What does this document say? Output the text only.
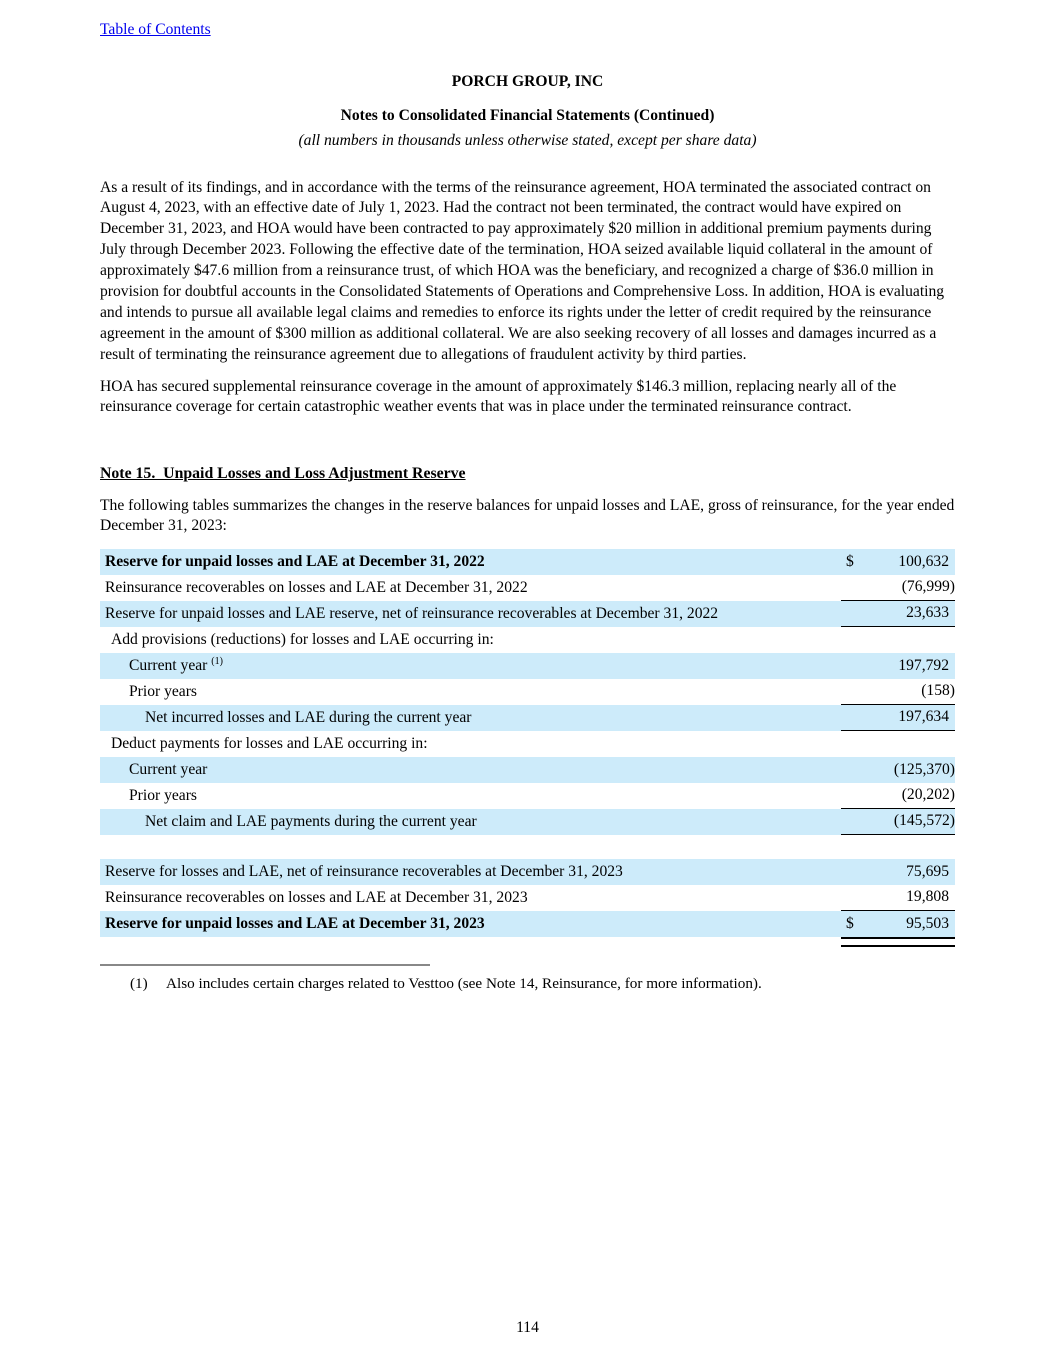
Table of Contents
PORCH GROUP, INC
Notes to Consolidated Financial Statements (Continued)
(all numbers in thousands unless otherwise stated, except per share data)

As a result of its findings, and in accordance with the terms of the reinsurance agreement, HOA terminated the associated contract on August 4, 2023, with an effective date of July 1, 2023. Had the contract not been terminated, the contract would have expired on December 31, 2023, and HOA would have been contracted to pay approximately $20 million in additional premium payments during July through December 2023. Following the effective date of the termination, HOA seized available liquid collateral in the amount of approximately $47.6 million from a reinsurance trust, of which HOA was the beneficiary, and recognized a charge of $36.0 million in provision for doubtful accounts in the Consolidated Statements of Operations and Comprehensive Loss. In addition, HOA is evaluating and intends to pursue all available legal claims and remedies to enforce its rights under the letter of credit required by the reinsurance agreement in the amount of $300 million as additional collateral. We are also seeking recovery of all losses and damages incurred as a result of terminating the reinsurance agreement due to allegations of fraudulent activity by third parties.

HOA has secured supplemental reinsurance coverage in the amount of approximately $146.3 million, replacing nearly all of the reinsurance coverage for certain catastrophic weather events that was in place under the terminated reinsurance contract.

Note 15.  Unpaid Losses and Loss Adjustment Reserve

The following tables summarizes the changes in the reserve balances for unpaid losses and LAE, gross of reinsurance, for the year ended December 31, 2023:

Reserve for unpaid losses and LAE at December 31, 2022	$	100,632
Reinsurance recoverables on losses and LAE at December 31, 2022	(76,999)
Reserve for unpaid losses and LAE reserve, net of reinsurance recoverables at December 31, 2022	23,633
Add provisions (reductions) for losses and LAE occurring in:
Current year $^{(1)}$	197,792
Prior years	(158)
Net incurred losses and LAE during the current year	197,634
Deduct payments for losses and LAE occurring in:
Current year	(125,370)
Prior years	(20,202)
Net claim and LAE payments during the current year	(145,572)
Reserve for losses and LAE, net of reinsurance recoverables at December 31, 2023	75,695
Reinsurance recoverables on losses and LAE at December 31, 2023	19,808
Reserve for unpaid losses and LAE at December 31, 2023	$	95,503
(1)	Also includes certain charges related to Vesttoo (see Note 14, Reinsurance, for more information).
114
